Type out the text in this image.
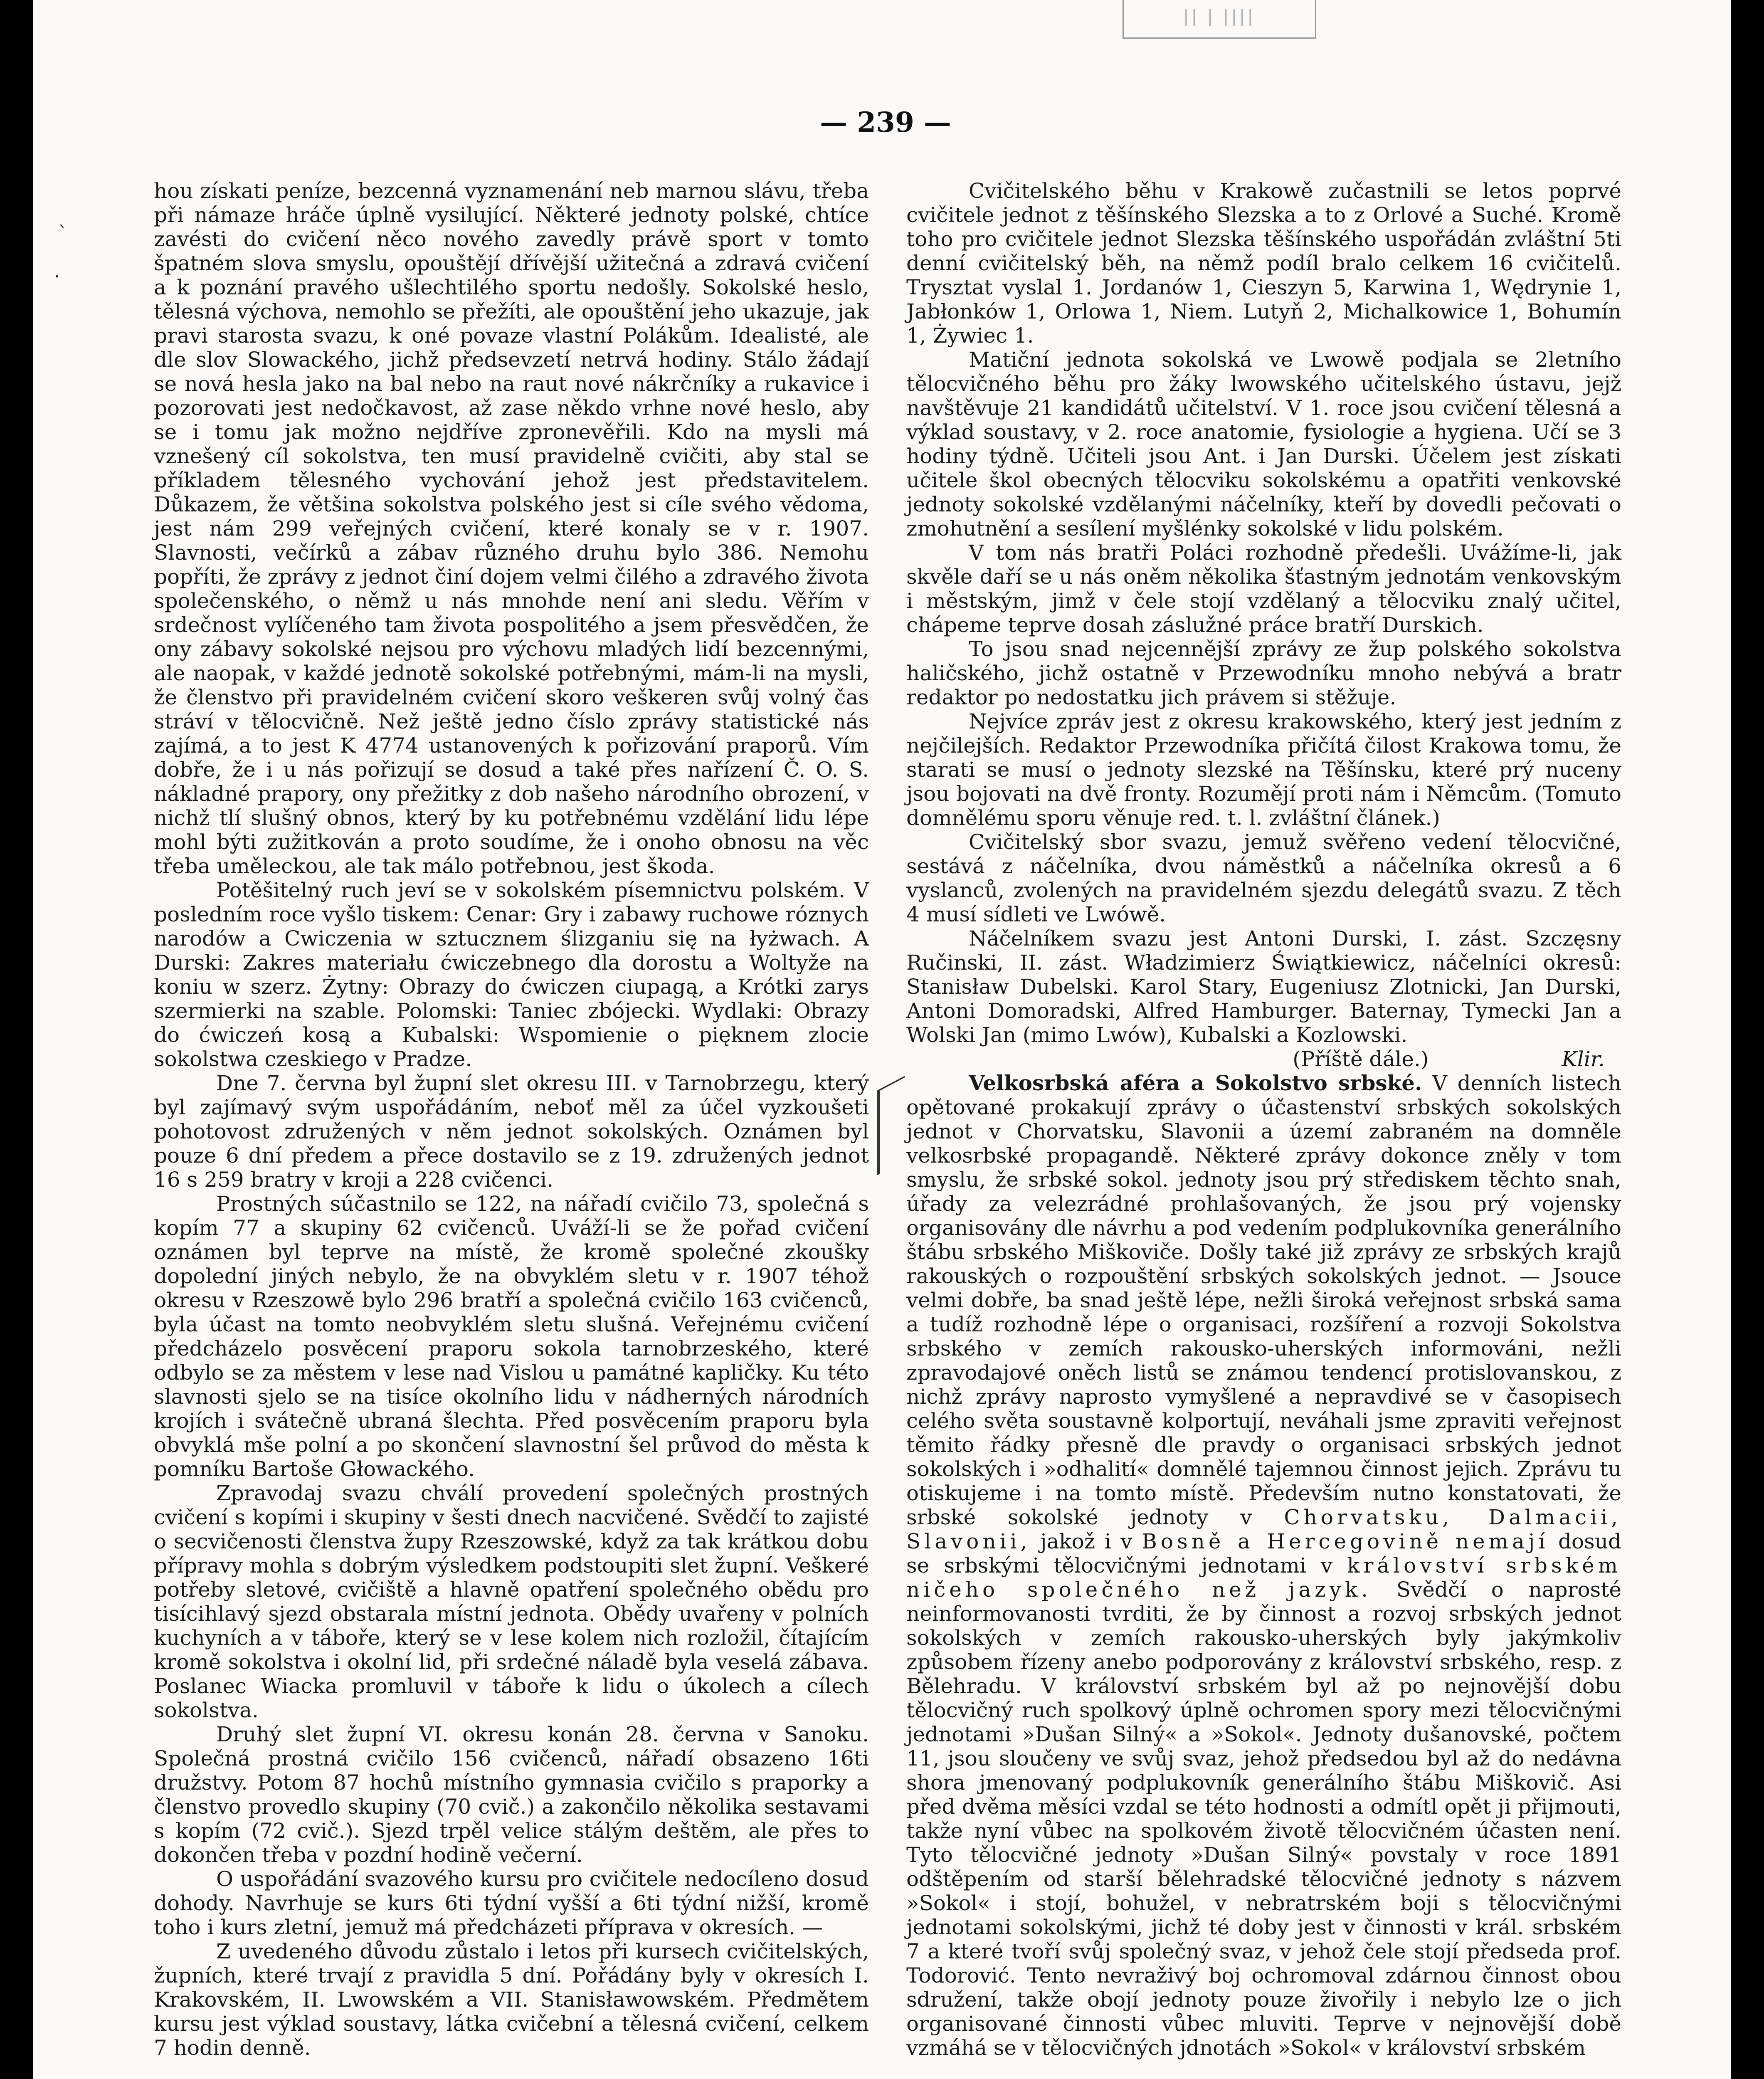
|| | ||||
— 239 —
`
·

hou získati peníze, bezcenná vyznamenání neb marnou slávu, třeba při námaze hráče úplně vysilující. Některé jednoty polské, chtíce zavésti do cvičení něco nového zavedly právě sport v tomto špatném slova smyslu, opouštějí dřívější užitečná a zdravá cvičení a k poznání pravého ušlechtilého sportu nedošly. Sokolské heslo, tělesná výchova, nemohlo se přežíti, ale opouštění jeho ukazuje, jak pravi starosta svazu, k oné povaze vlastní Polákům. Idealisté, ale dle slov Slowackého, jichž předsevzetí netrvá hodiny. Stálo žádají se nová hesla jako na bal nebo na raut nové nákrčníky a rukavice i pozorovati jest nedočkavost, až zase někdo vrhne nové heslo, aby se i tomu jak možno nejdříve zpronevěřili. Kdo na mysli má vznešený cíl sokolstva, ten musí pravidelně cvičiti, aby stal se příkladem tělesného vychování jehož jest představitelem. Důkazem, že většina sokolstva polského jest si cíle svého vědoma, jest nám 299 veřejných cvičení, které konaly se v r. 1907. Slavnosti, večírků a zábav různého druhu bylo 386. Nemohu popříti, že zprávy z jednot činí dojem velmi čilého a zdravého života společenského, o němž u nás mnohde není ani sledu. Věřím v srdečnost vylíčeného tam života pospolitého a jsem přesvědčen, že ony zábavy sokolské nejsou pro výchovu mladých lidí bezcennými, ale naopak, v každé jednotě sokolské potřebnými, mám-li na mysli, že členstvo při pravidelném cvičení skoro veškeren svůj volný čas stráví v tělocvičně. Než ještě jedno číslo zprávy statistické nás zajímá, a to jest K 4774 ustanovených k pořizování praporů. Vím dobře, že i u nás pořizují se dosud a také přes nařízení Č. O. S. nákladné prapory, ony přežitky z dob našeho národního obrození, v nichž tlí slušný obnos, který by ku potřebnému vzdělání lidu lépe mohl býti zužitkován a proto soudíme, že i onoho obnosu na věc třeba uměleckou, ale tak málo potřebnou, jest škoda.

Potěšitelný ruch jeví se v sokolském písemnictvu polském. V posledním roce vyšlo tiskem: Cenar: Gry i zabawy ruchowe róznych narodów a Cwiczenia w sztucznem ślizganiu się na łyżwach. A Durski: Zakres materiału ćwiczebnego dla dorostu a Woltyže na koniu w szerz. Żytny: Obrazy do ćwiczen ciupagą, a Krótki zarys szermierki na szable. Polomski: Taniec zbójecki. Wydlaki: Obrazy do ćwiczeń kosą a Kubalski: Wspomienie o pięknem zlocie sokolstwa czeskiego v Pradze.

Dne 7. června byl župní slet okresu III. v Tarnobrzegu, který byl zajímavý svým uspořádáním, neboť měl za účel vyzkoušeti pohotovost združených v něm jednot sokolských. Oznámen byl pouze 6 dní předem a přece dostavilo se z 19. združených jednot 16 s 259 bratry v kroji a 228 cvičenci.

Prostných súčastnilo se 122, na nářadí cvičilo 73, společná s kopím 77 a skupiny 62 cvičenců. Uváží-li se že pořad cvičení oznámen byl teprve na místě, že kromě společné zkoušky dopolední jiných nebylo, že na obvyklém sletu v r. 1907 téhož okresu v Rzeszowě bylo 296 bratří a společná cvičilo 163 cvičenců, byla účast na tomto neobvyklém sletu slušná. Veřejnému cvičení předcházelo posvěcení praporu sokola tarnobrzeského, které odbylo se za městem v lese nad Vislou u památné kapličky. Ku této slavnosti sjelo se na tisíce okolního lidu v nádherných národních krojích i svátečně ubraná šlechta. Před posvěcením praporu byla obvyklá mše polní a po skončení slavnostní šel průvod do města k pomníku Bartoše Głowackého.

Zpravodaj svazu chválí provedení společných prostných cvičení s kopími i skupiny v šesti dnech nacvičené. Svědčí to zajisté o secvičenosti členstva župy Rzeszowské, když za tak krátkou dobu přípravy mohla s dobrým výsledkem podstoupiti slet župní. Veškeré potřeby sletové, cvičiště a hlavně opatření společného obědu pro tisícihlavý sjezd obstarala místní jednota. Obědy uvařeny v polních kuchyních a v táboře, který se v lese kolem nich rozložil, čítajícím kromě sokolstva i okolní lid, při srdečné náladě byla veselá zábava. Poslanec Wiacka promluvil v táboře k lidu o úkolech a cílech sokolstva.

Druhý slet župní VI. okresu konán 28. června v Sanoku. Společná prostná cvičilo 156 cvičenců, nářadí obsazeno 16ti družstvy. Potom 87 hochů místního gymnasia cvičilo s praporky a členstvo provedlo skupiny (70 cvič.) a zakončilo několika sestavami s kopím (72 cvič.). Sjezd trpěl velice stálým deštěm, ale přes to dokončen třeba v pozdní hodině večerní.

O uspořádání svazového kursu pro cvičitele nedocíleno dosud dohody. Navrhuje se kurs 6ti týdní vyšší a 6ti týdní nižší, kromě toho i kurs zletní, jemuž má předcházeti příprava v okresích. —

Z uvedeného důvodu zůstalo i letos při kursech cvičitelských, župních, které trvají z pravidla 5 dní. Pořádány byly v okresích I. Krakovském, II. Lwowském a VII. Stanisławowském. Předmětem kursu jest výklad soustavy, látka cvičební a tělesná cvičení, celkem 7 hodin denně.

Cvičitelského běhu v Krakowě zučastnili se letos poprvé cvičitele jednot z těšínského Slezska a to z Orlové a Suché. Kromě toho pro cvičitele jednot Slezska těšínského uspořádán zvláštní 5ti denní cvičitelský běh, na němž podíl bralo celkem 16 cvičitelů. Trysztat vyslal 1. Jordanów 1, Cieszyn 5, Karwina 1, Wędrynie 1, Jabłonków 1, Orlowa 1, Niem. Lutyň 2, Michalkowice 1, Bohumín 1, Żywiec 1.

Matiční jednota sokolská ve Lwowě podjala se 2letního tělocvičného běhu pro žáky lwowského učitelského ústavu, jejž navštěvuje 21 kandidátů učitelství. V 1. roce jsou cvičení tělesná a výklad soustavy, v 2. roce anatomie, fysiologie a hygiena. Učí se 3 hodiny týdně. Učiteli jsou Ant. i Jan Durski. Účelem jest získati učitele škol obecných tělocviku sokolskému a opatřiti venkovské jednoty sokolské vzdělanými náčelníky, kteří by dovedli pečovati o zmohutnění a sesílení myšlénky sokolské v lidu polském.

V tom nás bratři Poláci rozhodně předešli. Uvážíme-li, jak skvěle daří se u nás oněm několika šťastným jednotám venkovským i městským, jimž v čele stojí vzdělaný a tělocviku znalý učitel, chápeme teprve dosah záslužné práce bratří Durskich.

To jsou snad nejcennější zprávy ze žup polského sokolstva haličského, jichž ostatně v Przewodníku mnoho nebývá a bratr redaktor po nedostatku jich právem si stěžuje.

Nejvíce zpráv jest z okresu krakowského, který jest jedním z nejčilejších. Redaktor Przewodníka přičítá čilost Krakowa tomu, že starati se musí o jednoty slezské na Těšínsku, které prý nuceny jsou bojovati na dvě fronty. Rozumějí proti nám i Němcům. (Tomuto domnělému sporu věnuje red. t. l. zvláštní článek.)

Cvičitelský sbor svazu, jemuž svěřeno vedení tělocvičné, sestává z náčelníka, dvou náměstků a náčelníka okresů a 6 vyslanců, zvolených na pravidelném sjezdu delegátů svazu. Z těch 4 musí sídleti ve Lwówě.

Náčelníkem svazu jest Antoni Durski, I. zást. Szczęsny Ručinski, II. zást. Władzimierz Świątkiewicz, náčelníci okresů: Stanisław Dubelski. Karol Stary, Eugeniusz Zlotnicki, Jan Durski, Antoni Domoradski, Alfred Hamburger. Baternay, Tymecki Jan a Wolski Jan (mimo Lwów), Kubalski a Kozlowski.

(Příště dále.)	Klir.

Velkosrbská aféra a Sokolstvo srbské. V denních listech opětované prokakují zprávy o účastenství srbských sokolských jednot v Chorvatsku, Slavonii a území zabraném na domněle velkosrbské propagandě. Některé zprávy dokonce zněly v tom smyslu, že srbské sokol. jednoty jsou prý střediskem těchto snah, úřady za velezrádné prohlašovaných, že jsou prý vojensky organisovány dle návrhu a pod vedením podplukovníka generálního štábu srbského Miškoviče. Došly také již zprávy ze srbských krajů rakouských o rozpouštění srbských sokolských jednot. — Jsouce velmi dobře, ba snad ještě lépe, nežli široká veřejnost srbská sama a tudíž rozhodně lépe o organisaci, rozšíření a rozvoji Sokolstva srbského v zemích rakousko-uherských informováni, nežli zpravodajové oněch listů se známou tendencí protislovanskou, z nichž zprávy naprosto vymyšlené a nepravdivé se v časopisech celého světa soustavně kolportují, neváhali jsme zpraviti veřejnost těmito řádky přesně dle pravdy o organisaci srbských jednot sokolských i »odhalití« domnělé tajemnou činnost jejich. Zprávu tu otiskujeme i na tomto místě. Především nutno konstatovati, že srbské sokolské jednoty v Chorvatsku, Dalmacii, Slavonii, jakož i v Bosně a Hercegovině nemají dosud se srbskými tělocvičnými jednotami v království srbském ničeho společného než jazyk. Svědčí o naprosté neinformovanosti tvrditi, že by činnost a rozvoj srbských jednot sokolských v zemích rakousko-uherských byly jakýmkoliv způsobem řízeny anebo podporovány z království srbského, resp. z Bělehradu. V království srbském byl až po nejnovější dobu tělocvičný ruch spolkový úplně ochromen spory mezi tělocvičnými jednotami »Dušan Silný« a »Sokol«. Jednoty dušanovské, počtem 11, jsou sloučeny ve svůj svaz, jehož předsedou byl až do nedávna shora jmenovaný podplukovník generálního štábu Miškovič. Asi před dvěma měsíci vzdal se této hodnosti a odmítl opět ji přijmouti, takže nyní vůbec na spolkovém životě tělocvičném účasten není. Tyto tělocvičné jednoty »Dušan Silný« povstaly v roce 1891 odštěpením od starší bělehradské tělocvičné jednoty s názvem »Sokol« i stojí, bohužel, v nebratrském boji s tělocvičnými jednotami sokolskými, jichž té doby jest v činnosti v král. srbském 7 a které tvoří svůj společný svaz, v jehož čele stojí předseda prof. Todorović. Tento nevraživý boj ochromoval zdárnou činnost obou sdružení, takže obojí jednoty pouze živořily i nebylo lze o jich organisované činnosti vůbec mluviti. Teprve v nejnovější době vzmáhá se v tělocvičných jdnotách »Sokol« v království srbském
